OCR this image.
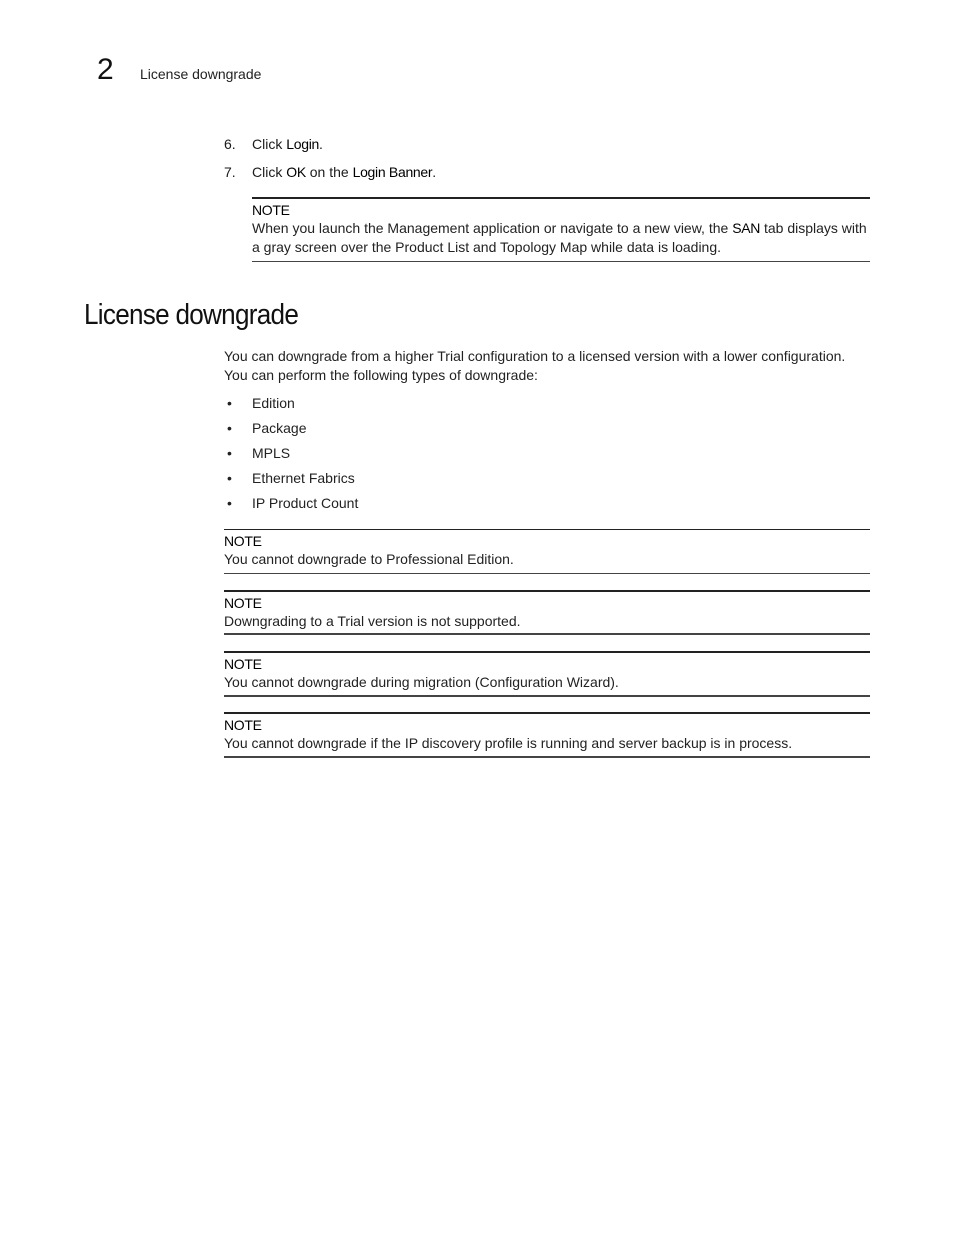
2 License downgrade
6.	Click Login.
7.	Click OK on the Login Banner.
NOTE
When you launch the Management application or navigate to a new view, the SAN tab displays with a gray screen over the Product List and Topology Map while data is loading.
License downgrade

You can downgrade from a higher Trial configuration to a licensed version with a lower configuration. You can perform the following types of downgrade:

• Edition
• Package
• MPLS
• Ethernet Fabrics
• IP Product Count
NOTE
You cannot downgrade to Professional Edition.
NOTE
Downgrading to a Trial version is not supported.
NOTE
You cannot downgrade during migration (Configuration Wizard).
NOTE
You cannot downgrade if the IP discovery profile is running and server backup is in process.
